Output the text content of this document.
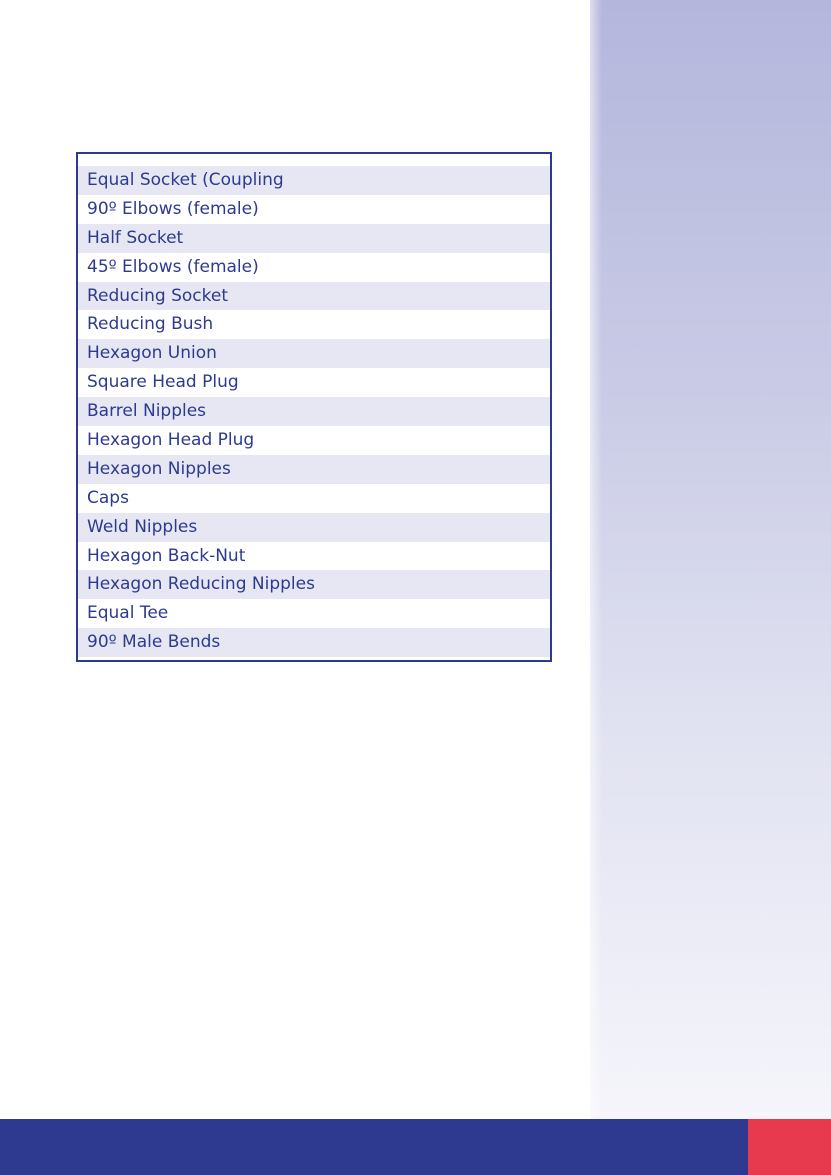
Equal Socket (Coupling
90º Elbows (female)
Half Socket
45º Elbows (female)
Reducing Socket
Reducing Bush
Hexagon Union
Square Head Plug
Barrel Nipples
Hexagon Head Plug
Hexagon Nipples
Caps
Weld Nipples
Hexagon Back-Nut
Hexagon Reducing Nipples
Equal Tee
90º Male Bends
